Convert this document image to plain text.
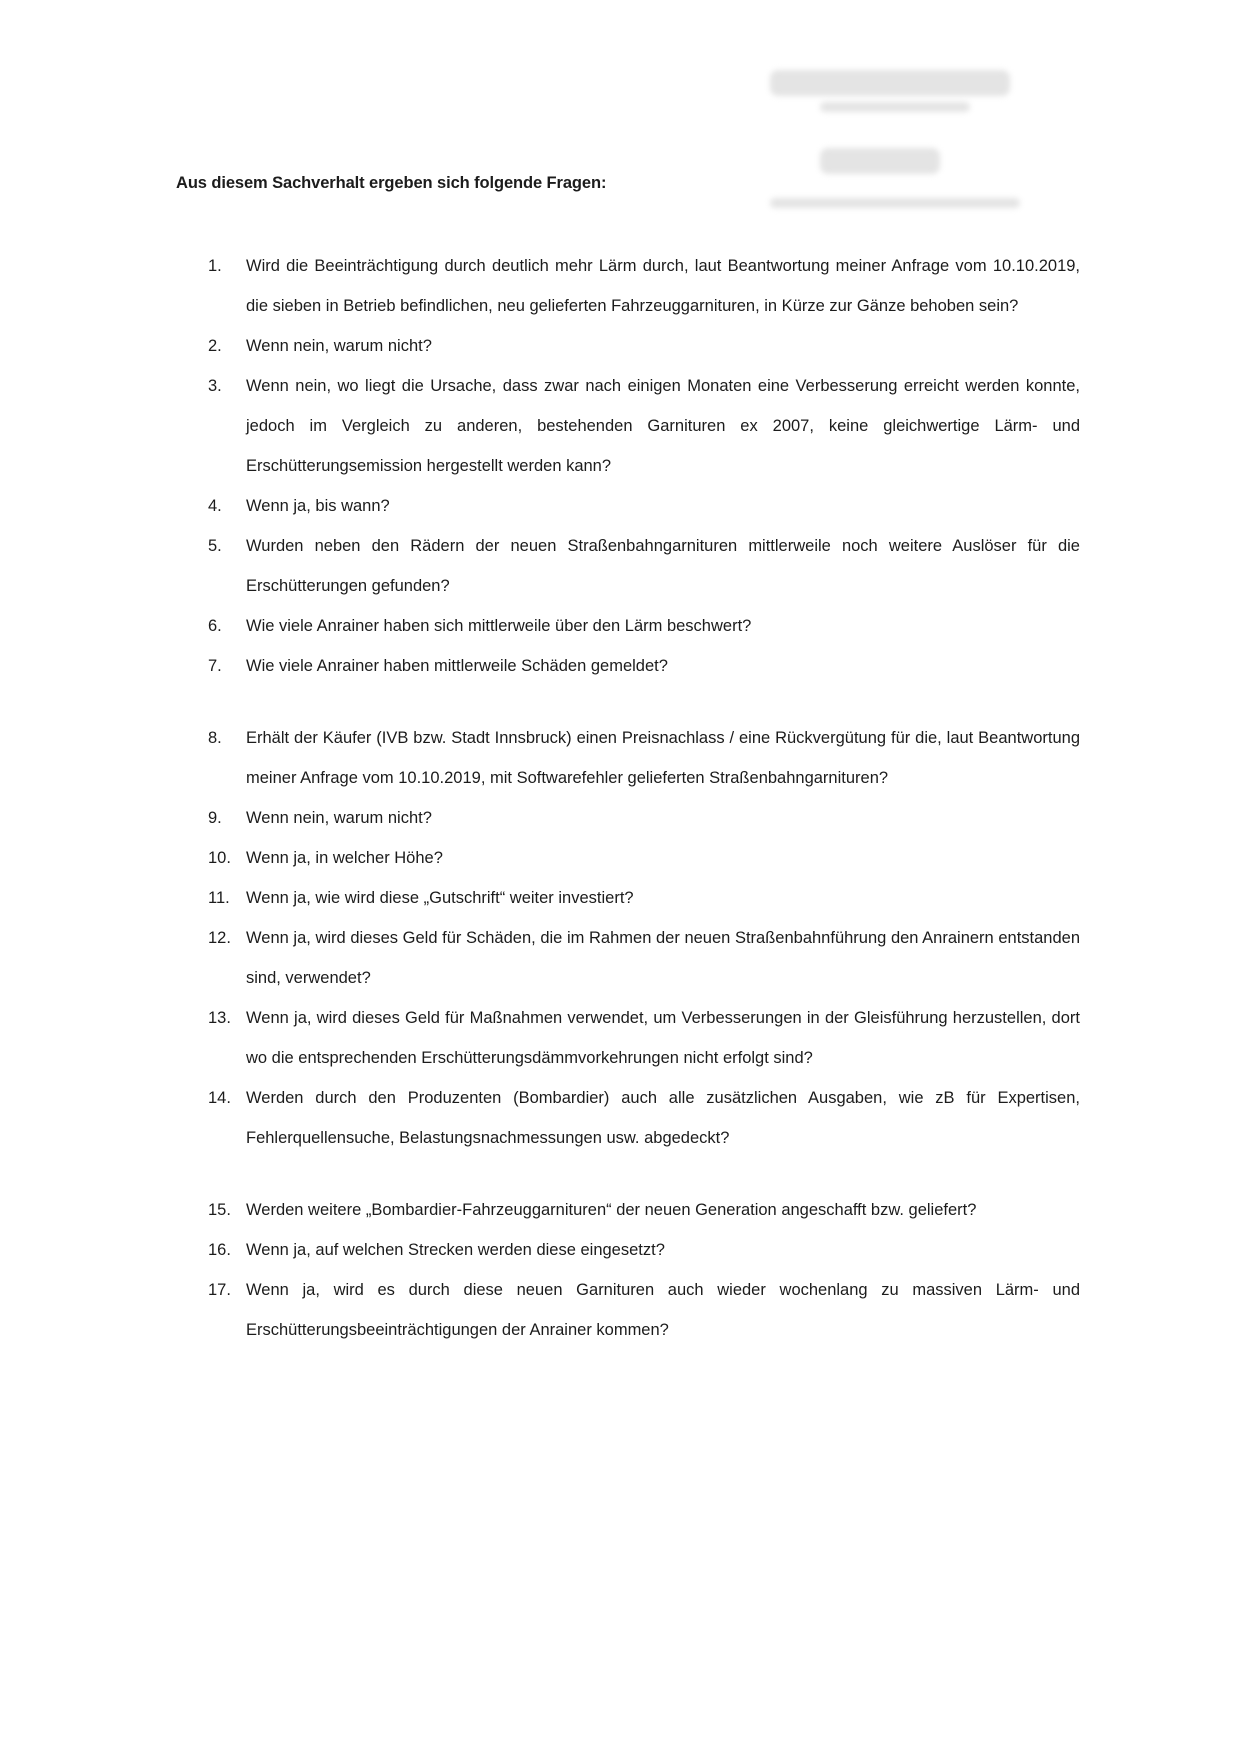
Aus diesem Sachverhalt ergeben sich folgende Fragen:
1. Wird die Beeinträchtigung durch deutlich mehr Lärm durch, laut Beantwortung meiner Anfrage vom 10.10.2019, die sieben in Betrieb befindlichen, neu gelieferten Fahrzeuggarnituren, in Kürze zur Gänze behoben sein?
2. Wenn nein, warum nicht?
3. Wenn nein, wo liegt die Ursache, dass zwar nach einigen Monaten eine Verbesserung erreicht werden konnte, jedoch im Vergleich zu anderen, bestehenden Garnituren ex 2007, keine gleichwertige Lärm- und Erschütterungsemission hergestellt werden kann?
4. Wenn ja, bis wann?
5. Wurden neben den Rädern der neuen Straßenbahngarnituren mittlerweile noch weitere Auslöser für die Erschütterungen gefunden?
6. Wie viele Anrainer haben sich mittlerweile über den Lärm beschwert?
7. Wie viele Anrainer haben mittlerweile Schäden gemeldet?
8. Erhält der Käufer (IVB bzw. Stadt Innsbruck) einen Preisnachlass / eine Rückvergütung für die, laut Beantwortung meiner Anfrage vom 10.10.2019, mit Softwarefehler gelieferten Straßenbahngarnituren?
9. Wenn nein, warum nicht?
10. Wenn ja, in welcher Höhe?
11. Wenn ja, wie wird diese „Gutschrift“ weiter investiert?
12. Wenn ja, wird dieses Geld für Schäden, die im Rahmen der neuen Straßenbahnführung den Anrainern entstanden sind, verwendet?
13. Wenn ja, wird dieses Geld für Maßnahmen verwendet, um Verbesserungen in der Gleisführung herzustellen, dort wo die entsprechenden Erschütterungsdämmvorkehrungen nicht erfolgt sind?
14. Werden durch den Produzenten (Bombardier) auch alle zusätzlichen Ausgaben, wie zB für Expertisen, Fehlerquellensuche, Belastungsnachmessungen usw. abgedeckt?
15. Werden weitere „Bombardier-Fahrzeuggarnituren“ der neuen Generation angeschafft bzw. geliefert?
16. Wenn ja, auf welchen Strecken werden diese eingesetzt?
17. Wenn ja, wird es durch diese neuen Garnituren auch wieder wochenlang zu massiven Lärm- und Erschütterungsbeeinträchtigungen der Anrainer kommen?
